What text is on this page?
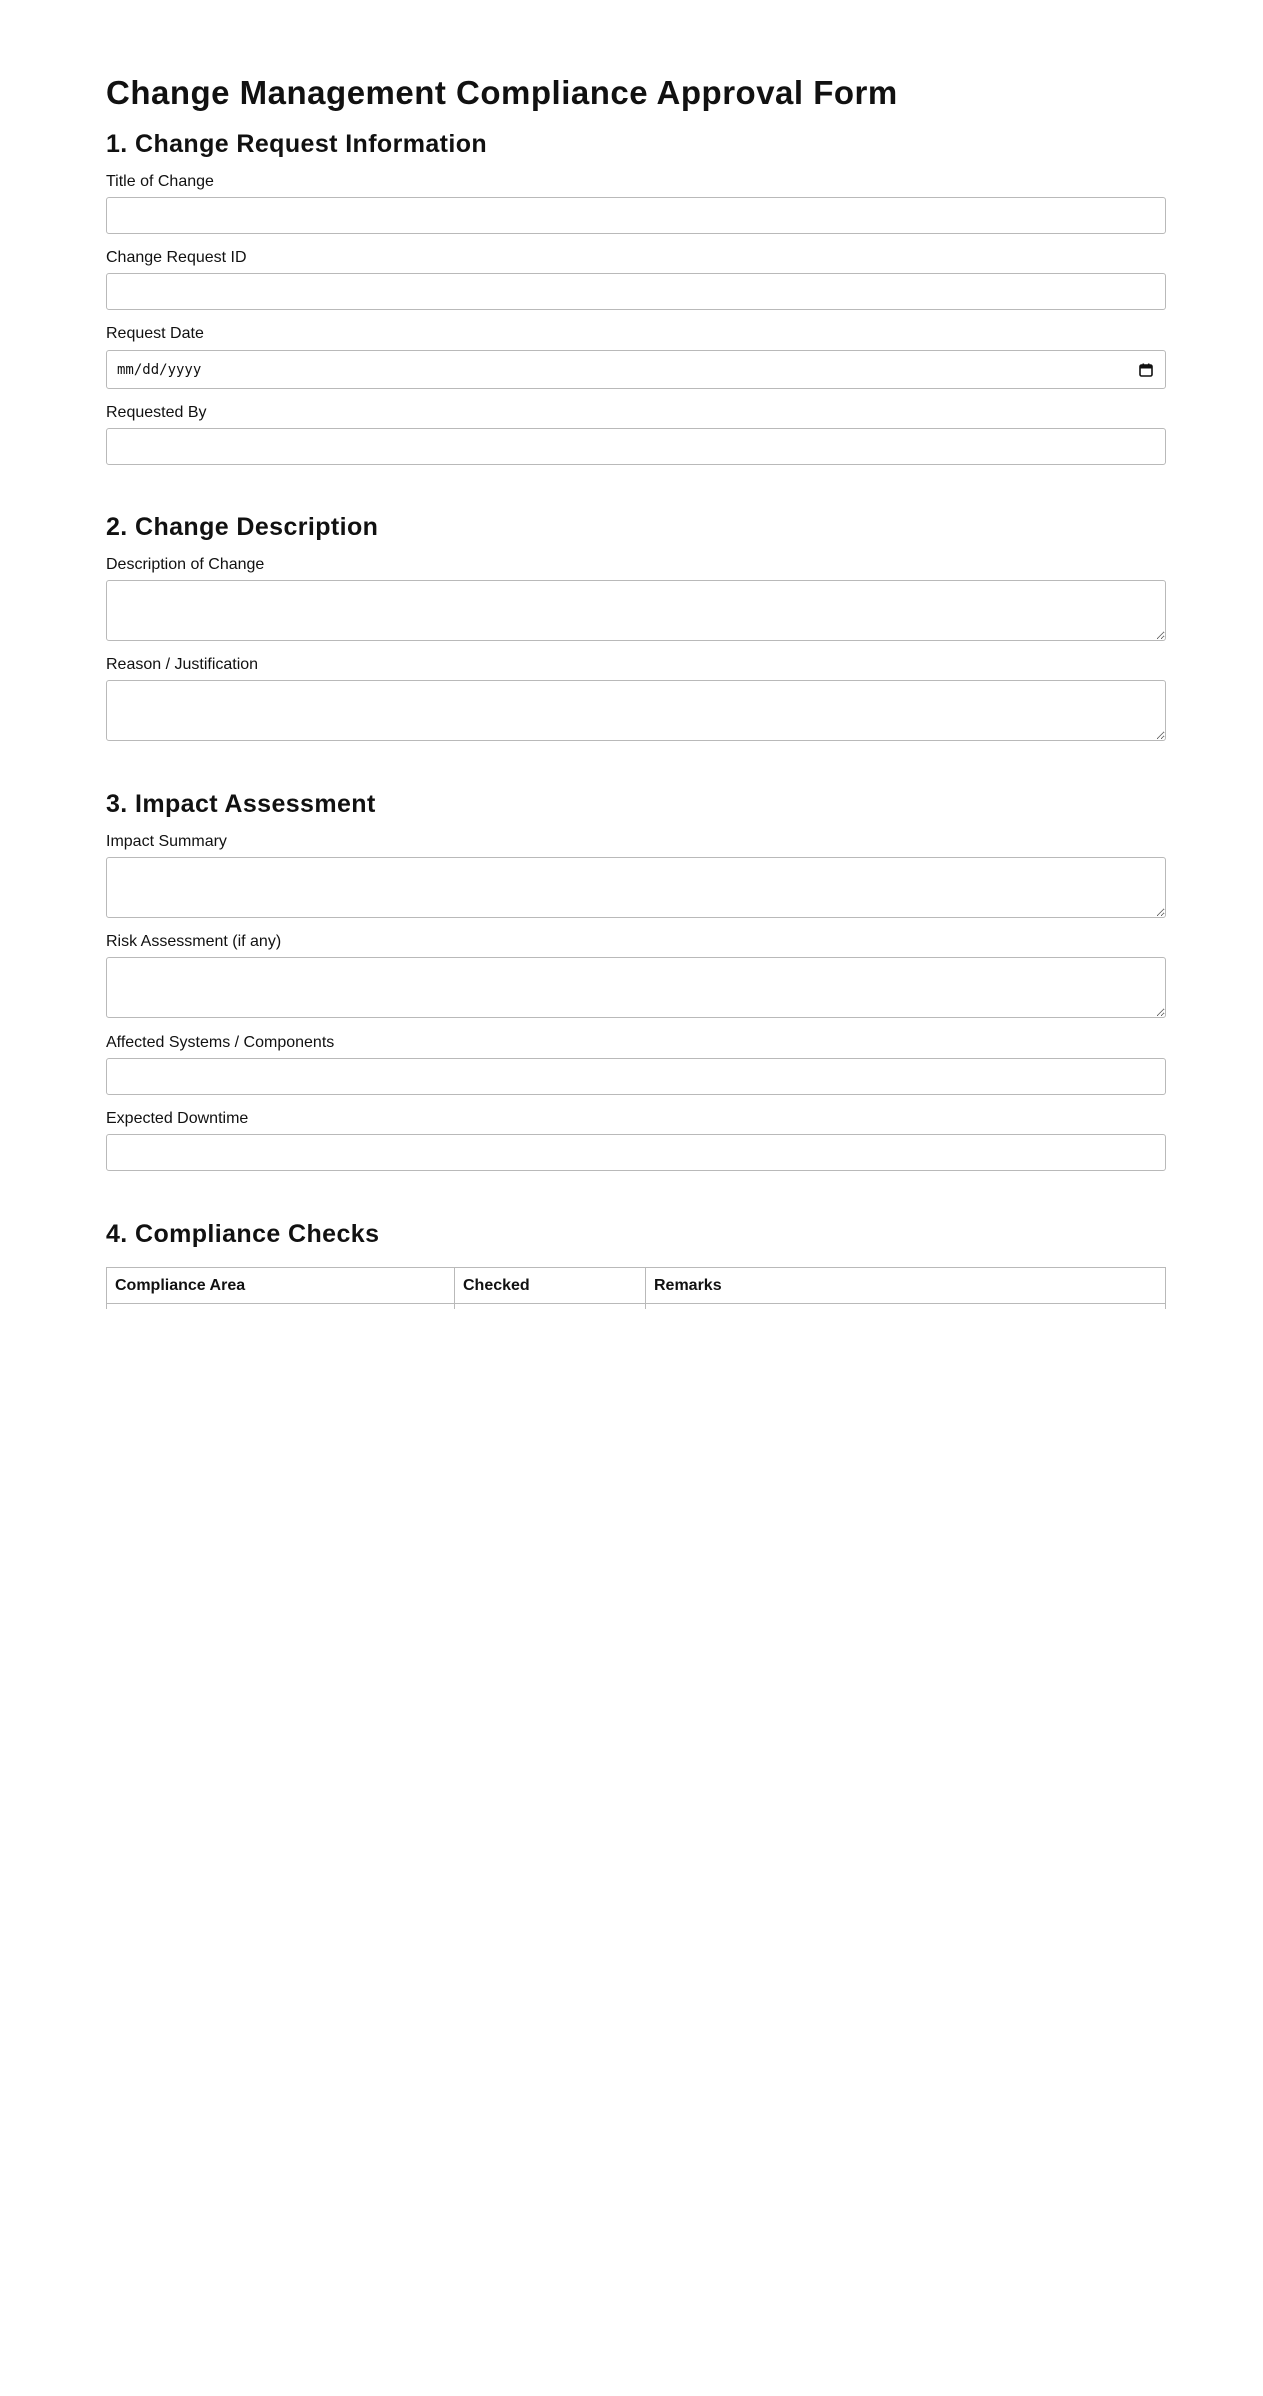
Change Management Compliance Approval Form
1. Change Request Information
Title of Change
Change Request ID
Request Date
mm/dd/yyyy
Requested By
2. Change Description
Description of Change
Reason / Justification
3. Impact Assessment
Impact Summary
Risk Assessment (if any)
Affected Systems / Components
Expected Downtime
4. Compliance Checks
Compliance Area	Checked	Remarks
